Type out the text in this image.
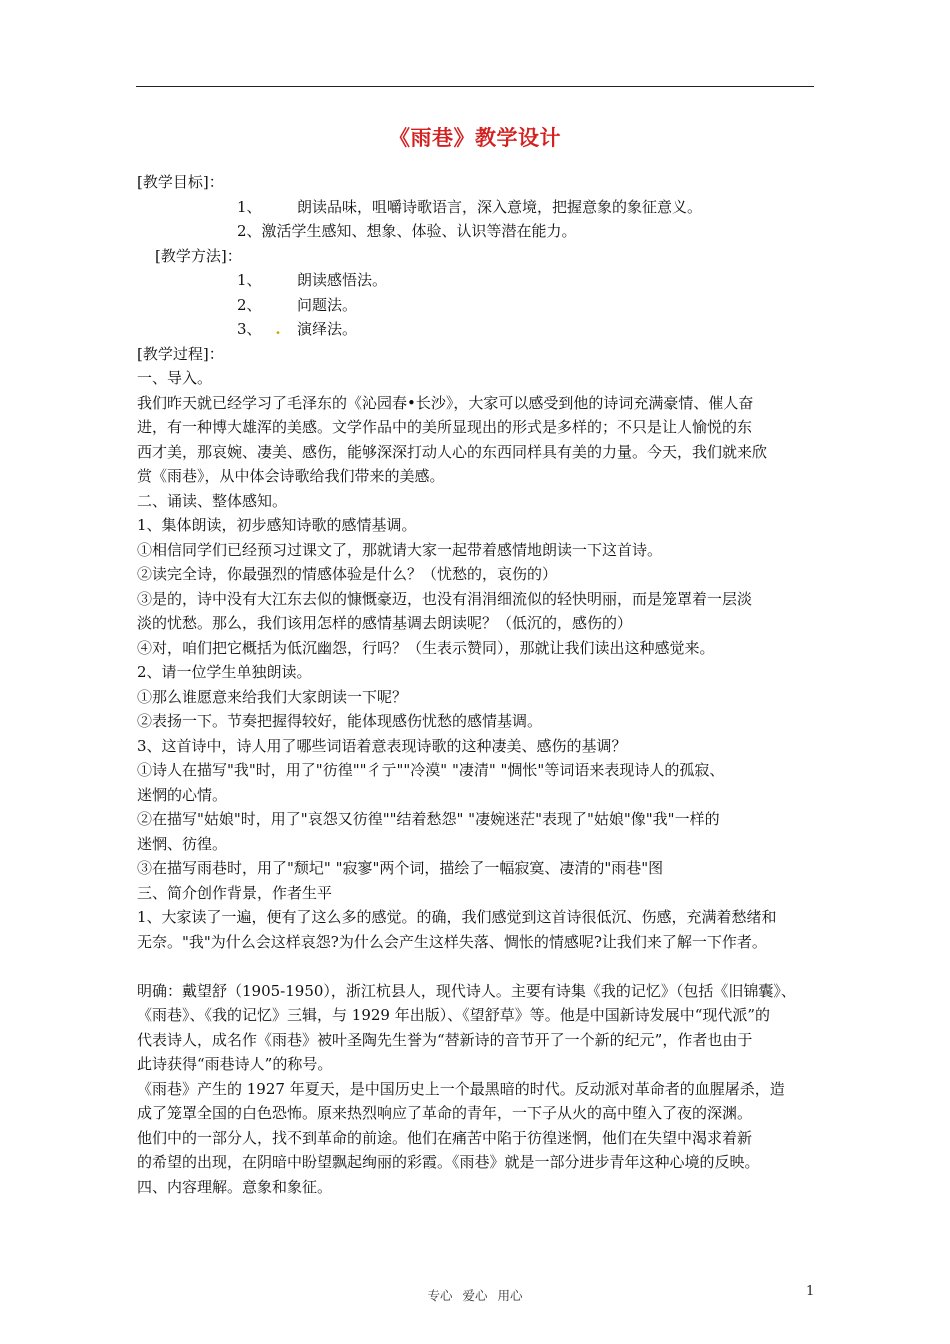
《雨巷》教学设计
[教学目标]：
1、 朗读品味，咀嚼诗歌语言，深入意境，把握意象的象征意义。
2、激活学生感知、想象、体验、认识等潜在能力。
[教学方法]：
1、 朗读感悟法。
2、 问题法。
3、 . 演绎法。
[教学过程]：
一、导入。
我们昨天就已经学习了毛泽东的《沁园春•长沙》，大家可以感受到他的诗词充满豪情、催人奋
进，有一种博大雄浑的美感。文学作品中的美所显现出的形式是多样的；不只是让人愉悦的东
西才美，那哀婉、凄美、感伤，能够深深打动人心的东西同样具有美的力量。今天，我们就来欣
赏《雨巷》，从中体会诗歌给我们带来的美感。
二、诵读、整体感知。
1、集体朗读，初步感知诗歌的感情基调。
①相信同学们已经预习过课文了，那就请大家一起带着感情地朗读一下这首诗。
②读完全诗，你最强烈的情感体验是什么？（忧愁的，哀伤的）
③是的，诗中没有大江东去似的慷慨豪迈，也没有涓涓细流似的轻快明丽，而是笼罩着一层淡
淡的忧愁。那么，我们该用怎样的感情基调去朗读呢？（低沉的，感伤的）
④对，咱们把它概括为低沉幽怨，行吗？（生表示赞同），那就让我们读出这种感觉来。
2、请一位学生单独朗读。
①那么谁愿意来给我们大家朗读一下呢？
②表扬一下。节奏把握得较好，能体现感伤忧愁的感情基调。
3、这首诗中，诗人用了哪些词语着意表现诗歌的这种凄美、感伤的基调？
①诗人在描写"我"时，用了"彷徨""彳亍""冷漠" "凄清" "惆怅"等词语来表现诗人的孤寂、
迷惘的心情。
②在描写"姑娘"时，用了"哀怨又彷徨""结着愁怨" "凄婉迷茫"表现了"姑娘"像"我"一样的
迷惘、彷徨。
③在描写雨巷时，用了"颓圮" "寂寥"两个词，描绘了一幅寂寞、凄清的"雨巷"图
三、简介创作背景，作者生平
1、大家读了一遍，便有了这么多的感觉。的确，我们感觉到这首诗很低沉、伤感，充满着愁绪和
无奈。"我"为什么会这样哀怨?为什么会产生这样失落、惆怅的情感呢?让我们来了解一下作者。
明确：戴望舒（1905-1950），浙江杭县人，现代诗人。主要有诗集《我的记忆》（包括《旧锦囊》、
《雨巷》、《我的记忆》三辑，与 1929 年出版）、《望舒草》等。他是中国新诗发展中“现代派”的
代表诗人，成名作《雨巷》被叶圣陶先生誉为“替新诗的音节开了一个新的纪元”，作者也由于
此诗获得“雨巷诗人”的称号。
《雨巷》产生的 1927 年夏天，是中国历史上一个最黑暗的时代。反动派对革命者的血腥屠杀，造
成了笼罩全国的白色恐怖。原来热烈响应了革命的青年，一下子从火的高中堕入了夜的深渊。
他们中的一部分人，找不到革命的前途。他们在痛苦中陷于彷徨迷惘，他们在失望中渴求着新
的希望的出现，在阴暗中盼望飘起绚丽的彩霞。《雨巷》就是一部分进步青年这种心境的反映。
四、内容理解。意象和象征。
专心 爱心 用心	1
